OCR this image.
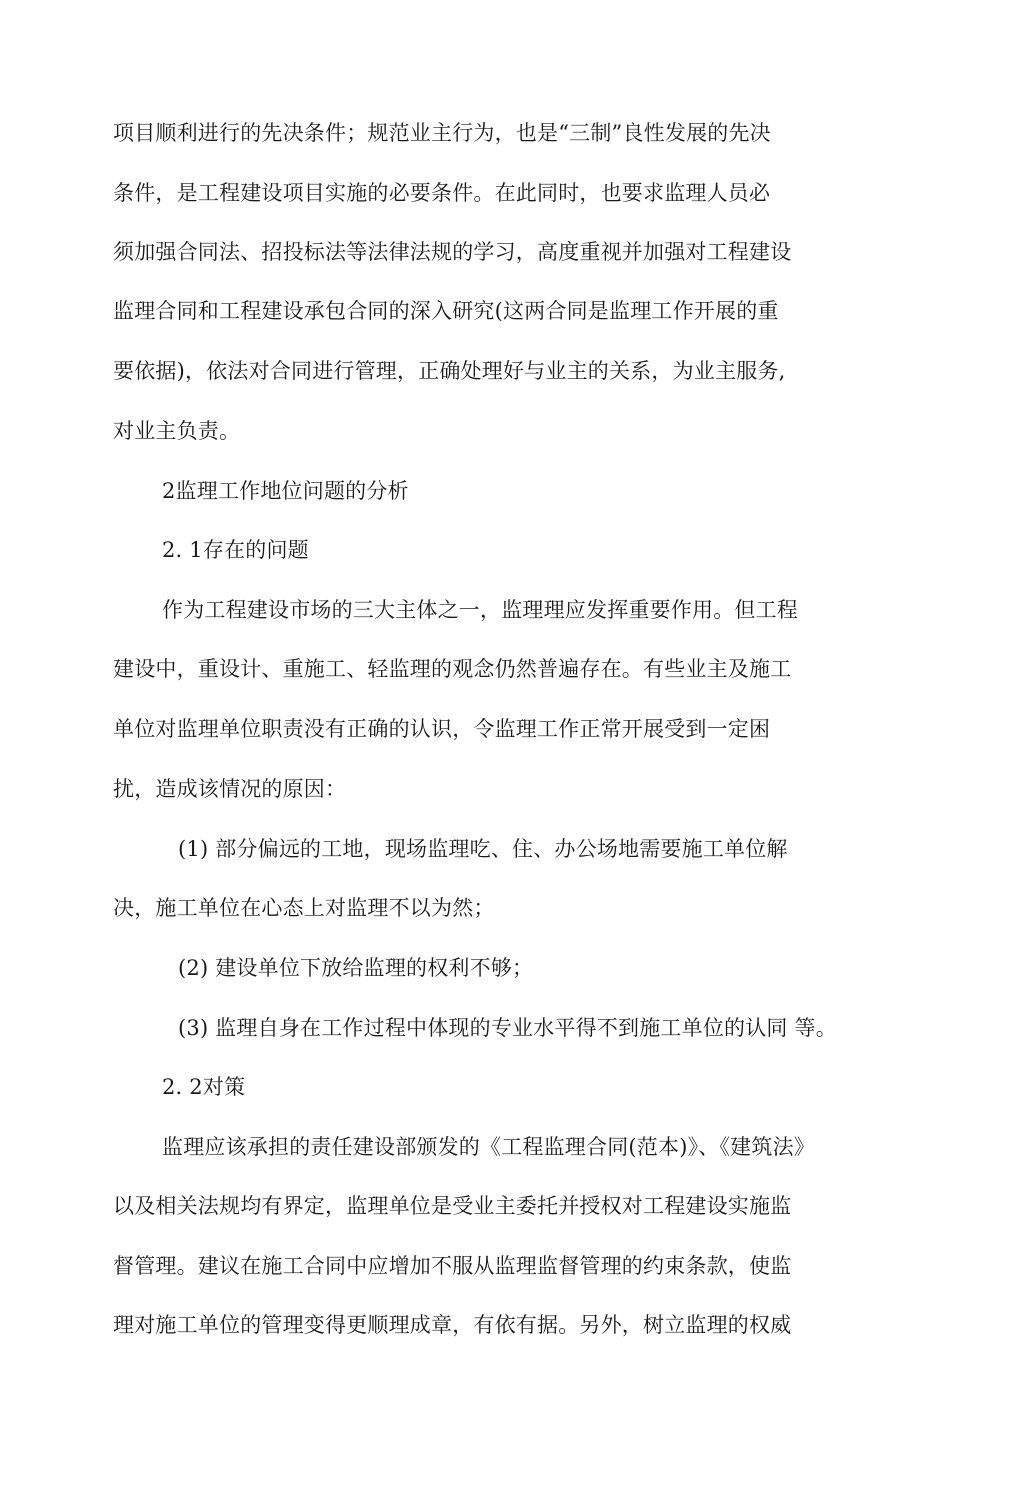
项目顺利进行的先决条件；规范业主行为，也是“三制”良性发展的先决
条件，是工程建设项目实施的必要条件。在此同时，也要求监理人员必
须加强合同法、招投标法等法律法规的学习，高度重视并加强对工程建设
监理合同和工程建设承包合同的深入研究(这两合同是监理工作开展的重
要依据)，依法对合同进行管理，正确处理好与业主的关系，为业主服务,
对业主负责。
2监理工作地位问题的分析
2. 1存在的问题
作为工程建设市场的三大主体之一，监理理应发挥重要作用。但工程
建设中，重设计、重施工、轻监理的观念仍然普遍存在。有些业主及施工
单位对监理单位职责没有正确的认识，令监理工作正常开展受到一定困
扰，造成该情况的原因：
(1) 部分偏远的工地，现场监理吃、住、办公场地需要施工单位解
决，施工单位在心态上对监理不以为然；
(2) 建设单位下放给监理的权利不够；
(3) 监理自身在工作过程中体现的专业水平得不到施工单位的认同 等。
2. 2对策
监理应该承担的责任建设部颁发的《工程监理合同(范本)》、《建筑法》
以及相关法规均有界定，监理单位是受业主委托并授权对工程建设实施监
督管理。建议在施工合同中应增加不服从监理监督管理的约束条款，使监
理对施工单位的管理变得更顺理成章，有依有据。另外，树立监理的权威
